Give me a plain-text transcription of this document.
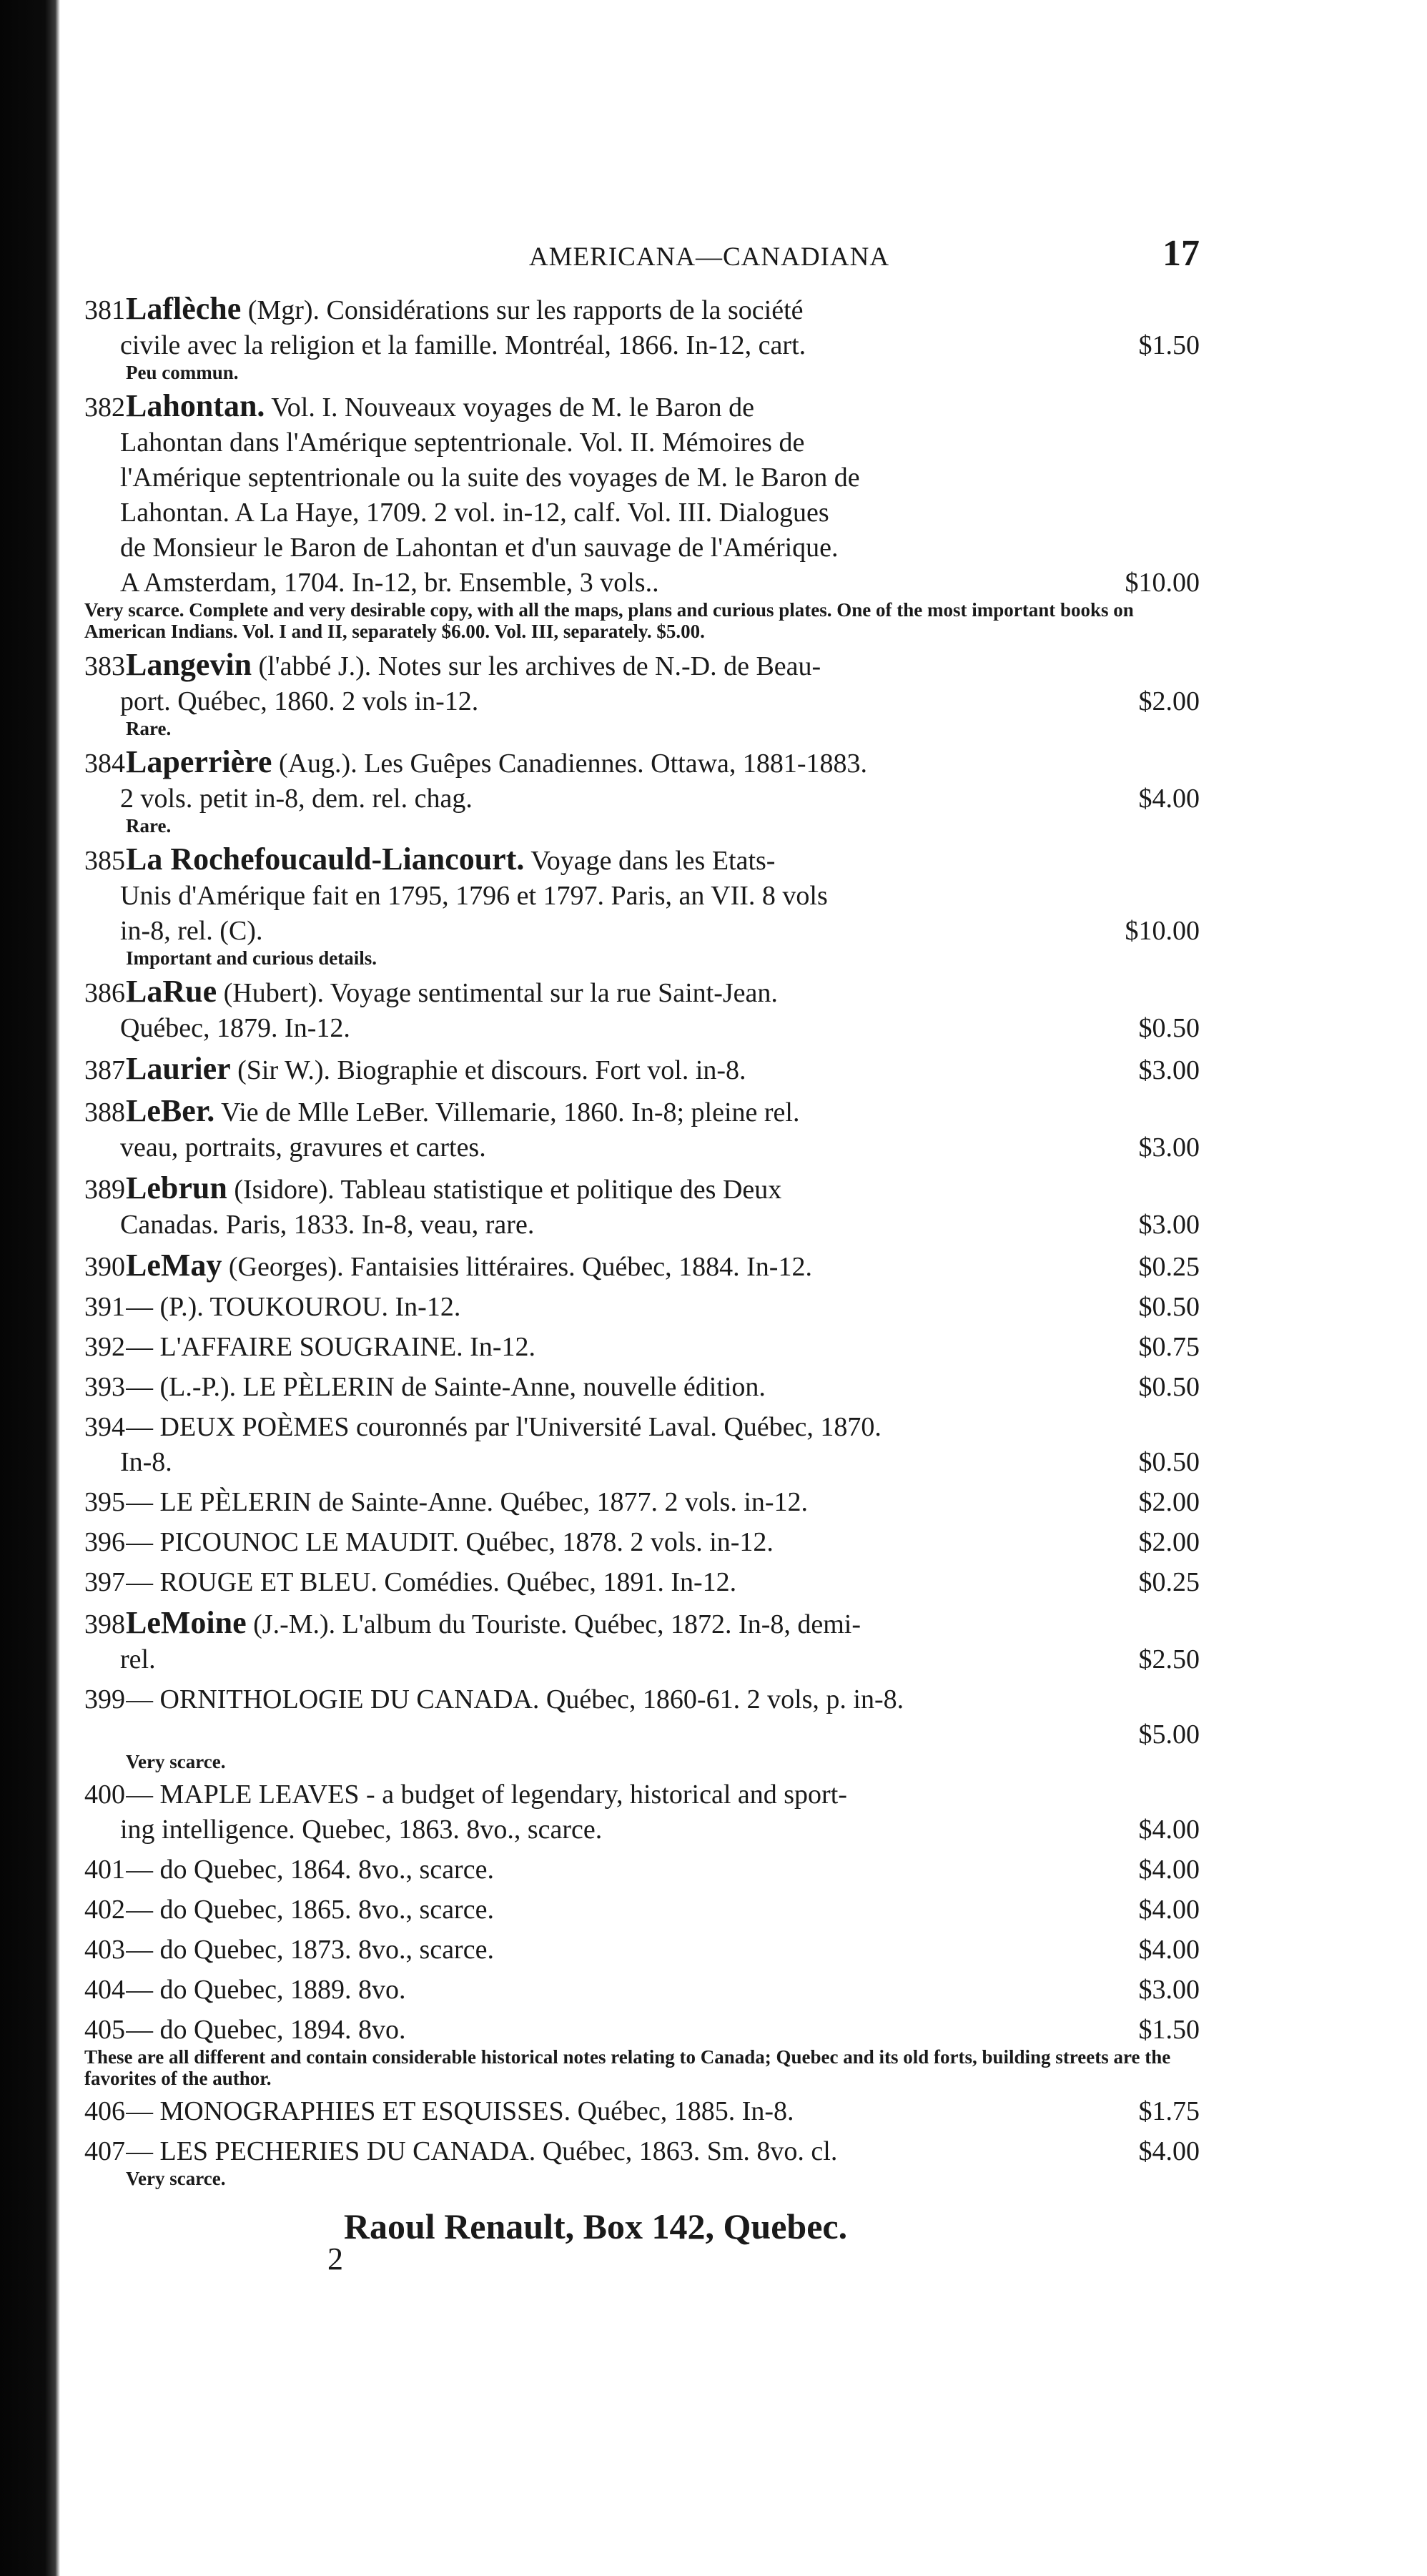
AMERICANA—CANADIANA	17
381 Laflèche (Mgr). Considérations sur les rapports de la société
civile avec la religion et la famille. Montréal, 1866. In-12, cart.	$1.50
Peu commun.
382 Lahontan. Vol. I. Nouveaux voyages de M. le Baron de
Lahontan dans l'Amérique septentrionale. Vol. II. Mémoires de
l'Amérique septentrionale ou la suite des voyages de M. le Baron de
Lahontan. A La Haye, 1709. 2 vol. in-12, calf. Vol. III. Dialogues
de Monsieur le Baron de Lahontan et d'un sauvage de l'Amérique.
A Amsterdam, 1704. In-12, br. Ensemble, 3 vols..	$10.00
Very scarce. Complete and very desirable copy, with all the maps, plans and curious plates. One of the most important books on American Indians. Vol. I and II, separately $6.00. Vol. III, separately. $5.00.
383 Langevin (l'abbé J.). Notes sur les archives de N.-D. de Beau-
port. Québec, 1860. 2 vols in-12.	$2.00
Rare.
384 Laperrière (Aug.). Les Guêpes Canadiennes. Ottawa, 1881-1883.
2 vols. petit in-8, dem. rel. chag.	$4.00
Rare.
385 La Rochefoucauld-Liancourt. Voyage dans les Etats-
Unis d'Amérique fait en 1795, 1796 et 1797. Paris, an VII. 8 vols
in-8, rel. (C).	$10.00
Important and curious details.
386 LaRue (Hubert). Voyage sentimental sur la rue Saint-Jean.
Québec, 1879. In-12.	$0.50
387 Laurier (Sir W.). Biographie et discours. Fort vol. in-8.	$3.00
388 LeBer. Vie de Mlle LeBer. Villemarie, 1860. In-8; pleine rel.
veau, portraits, gravures et cartes.	$3.00
389 Lebrun (Isidore). Tableau statistique et politique des Deux
Canadas. Paris, 1833. In-8, veau, rare.	$3.00
390 LeMay (Georges). Fantaisies littéraires. Québec, 1884. In-12.	$0.25
391 — (P.). TOUKOUROU. In-12.	$0.50
392 — L'AFFAIRE SOUGRAINE. In-12.	$0.75
393 — (L.-P.). LE PÈLERIN de Sainte-Anne, nouvelle édition.	$0.50
394 — DEUX POÈMES couronnés par l'Université Laval. Québec, 1870.
In-8.	$0.50
395 — LE PÈLERIN de Sainte-Anne. Québec, 1877. 2 vols. in-12.	$2.00
396 — PICOUNOC LE MAUDIT. Québec, 1878. 2 vols. in-12.	$2.00
397 — ROUGE ET BLEU. Comédies. Québec, 1891. In-12.	$0.25
398 LeMoine (J.-M.). L'album du Touriste. Québec, 1872. In-8, demi-
rel.	$2.50
399 — ORNITHOLOGIE DU CANADA. Québec, 1860-61. 2 vols, p. in-8.
$5.00
Very scarce.
400 — MAPLE LEAVES - a budget of legendary, historical and sport-
ing intelligence. Quebec, 1863. 8vo., scarce.	$4.00
401 — do Quebec, 1864. 8vo., scarce.	$4.00
402 — do Quebec, 1865. 8vo., scarce.	$4.00
403 — do Quebec, 1873. 8vo., scarce.	$4.00
404 — do Quebec, 1889. 8vo.	$3.00
405 — do Quebec, 1894. 8vo.	$1.50
These are all different and contain considerable historical notes relating to Canada; Quebec and its old forts, building streets are the favorites of the author.
406 — MONOGRAPHIES ET ESQUISSES. Québec, 1885. In-8.	$1.75
407 — LES PECHERIES DU CANADA. Québec, 1863. Sm. 8vo. cl.	$4.00
Very scarce.
Raoul Renault, Box 142, Quebec.
2
